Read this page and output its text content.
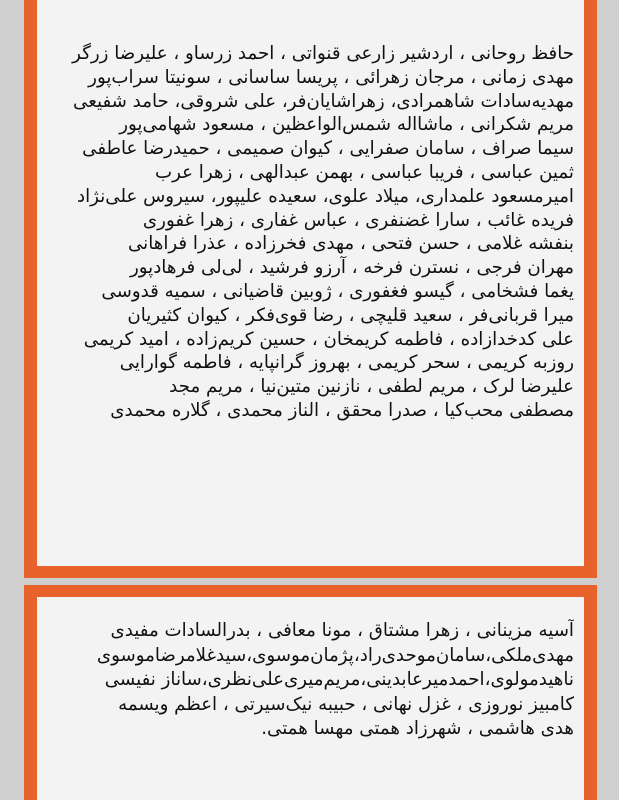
حافظ روحانی ، اردشیر زارعی قنواتی ، احمد زرساو ، علیرضا زرگر
مهدی زمانی ، مرجان زهرائی ، پریسا ساسانی ، سونیتا سراب‌پور
مهدیه‌سادات شاهمرادی، زهراشایان‌فر، علی شروقی، حامد شفیعی
مریم شکرانی ، ماشااله شمس‌الواعظین ، مسعود شهامی‌پور
سیما صراف ، سامان صفرایی ، کیوان صمیمی ، حمیدرضا عاطفی
ثمین عباسی ، فریبا عباسی ، بهمن عبدالهی ، زهرا عرب
امیرمسعود علمداری، میلاد علوی، سعیده علیپور، سیروس علی‌نژاد
فریده غائب ، سارا غضنفری ، عباس غفاری ، زهرا غفوری
بنفشه غلامی ، حسن فتحی ، مهدی فخرزاده ، عذرا فراهانی
مهران فرجی ، نسترن فرخه ، آرزو فرشید ، لی‌لی فرهادپور
یغما فشخامی ، گیسو فغفوری ، ژوبین قاضیانی ، سمیه قدوسی
میرا قربانی‌فر ، سعید قلیچی ، رضا قوی‌فکر ، کیوان کثیریان
علی کدخدازاده ، فاطمه کریمخان ، حسین کریم‌زاده ، امید کریمی
روزبه کریمی ، سحر کریمی ، بهروز گرانپایه ، فاطمه گوارایی
علیرضا لرک ، مریم لطفی ، نازنین متین‌نیا ، مریم مجد
مصطفی محب‌کیا ، صدرا محقق ، الناز محمدی ، گلاره محمدی
آسیه مزینانی ، زهرا مشتاق ، مونا معافی ، بدرالسادات مفیدی
مهدی‌ملکی،سامان‌موحدی‌راد،پژمان‌موسوی،سیدغلامرضاموسوی
ناهیدمولوی،احمدمیرعابدینی،مریم‌میری‌علی‌نظری،ساناز نفیسی
کامبیز نوروزی ، غزل نهانی ، حبیبه نیک‌سیرتی ، اعظم ویسمه
هدی هاشمی ، شهرزاد همتی مهسا همتی.
